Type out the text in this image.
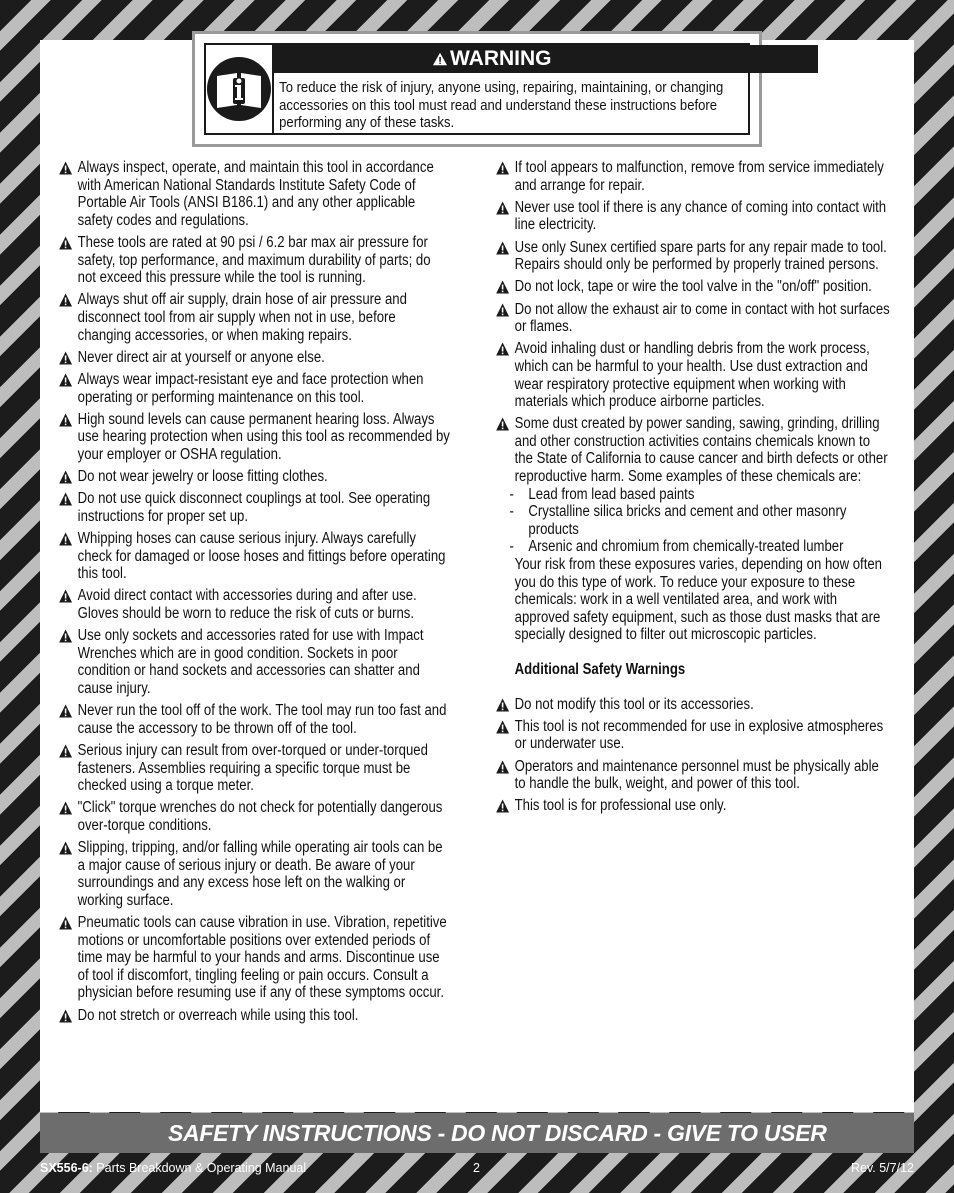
WARNING
To reduce the risk of injury, anyone using, repairing, maintaining, or changing accessories on this tool must read and understand these instructions before performing any of these tasks.
Always inspect, operate, and maintain this tool in accordance with American National Standards Institute Safety Code of Portable Air Tools (ANSI B186.1) and any other applicable safety codes and regulations.
These tools are rated at 90 psi / 6.2 bar max air pressure for safety, top performance, and maximum durability of parts; do not exceed this pressure while the tool is running.
Always shut off air supply, drain hose of air pressure and disconnect tool from air supply when not in use, before changing accessories, or when making repairs.
Never direct air at yourself or anyone else.
Always wear impact-resistant eye and face protection when operating or performing maintenance on this tool.
High sound levels can cause permanent hearing loss. Always use hearing protection when using this tool as recommended by your employer or OSHA regulation.
Do not wear jewelry or loose fitting clothes.
Do not use quick disconnect couplings at tool. See operating instructions for proper set up.
Whipping hoses can cause serious injury. Always carefully check for damaged or loose hoses and fittings before operating this tool.
Avoid direct contact with accessories during and after use. Gloves should be worn to reduce the risk of cuts or burns.
Use only sockets and accessories rated for use with Impact Wrenches which are in good condition. Sockets in poor condition or hand sockets and accessories can shatter and cause injury.
Never run the tool off of the work. The tool may run too fast and cause the accessory to be thrown off of the tool.
Serious injury can result from over-torqued or under-torqued fasteners. Assemblies requiring a specific torque must be checked using a torque meter.
"Click" torque wrenches do not check for potentially dangerous over-torque conditions.
Slipping, tripping, and/or falling while operating air tools can be a major cause of serious injury or death. Be aware of your surroundings and any excess hose left on the walking or working surface.
Pneumatic tools can cause vibration in use. Vibration, repetitive motions or uncomfortable positions over extended periods of time may be harmful to your hands and arms. Discontinue use of tool if discomfort, tingling feeling or pain occurs. Consult a physician before resuming use if any of these symptoms occur.
Do not stretch or overreach while using this tool.
If tool appears to malfunction, remove from service immediately and arrange for repair.
Never use tool if there is any chance of coming into contact with line electricity.
Use only Sunex certified spare parts for any repair made to tool. Repairs should only be performed by properly trained persons.
Do not lock, tape or wire the tool valve in the "on/off" position.
Do not allow the exhaust air to come in contact with hot surfaces or flames.
Avoid inhaling dust or handling debris from the work process, which can be harmful to your health. Use dust extraction and wear respiratory protective equipment when working with materials which produce airborne particles.
Some dust created by power sanding, sawing, grinding, drilling and other construction activities contains chemicals known to the State of California to cause cancer and birth defects or other reproductive harm. Some examples of these chemicals are:
- Lead from lead based paints
- Crystalline silica bricks and cement and other masonry products
- Arsenic and chromium from chemically-treated lumber
Your risk from these exposures varies, depending on how often you do this type of work. To reduce your exposure to these chemicals: work in a well ventilated area, and work with approved safety equipment, such as those dust masks that are specially designed to filter out microscopic particles.
Additional Safety Warnings
Do not modify this tool or its accessories.
This tool is not recommended for use in explosive atmospheres or underwater use.
Operators and maintenance personnel must be physically able to handle the bulk, weight, and power of this tool.
This tool is for professional use only.
SAFETY INSTRUCTIONS - DO NOT DISCARD - GIVE TO USER
SX556-6: Parts Breakdown & Operating Manual	2	Rev. 5/7/12
